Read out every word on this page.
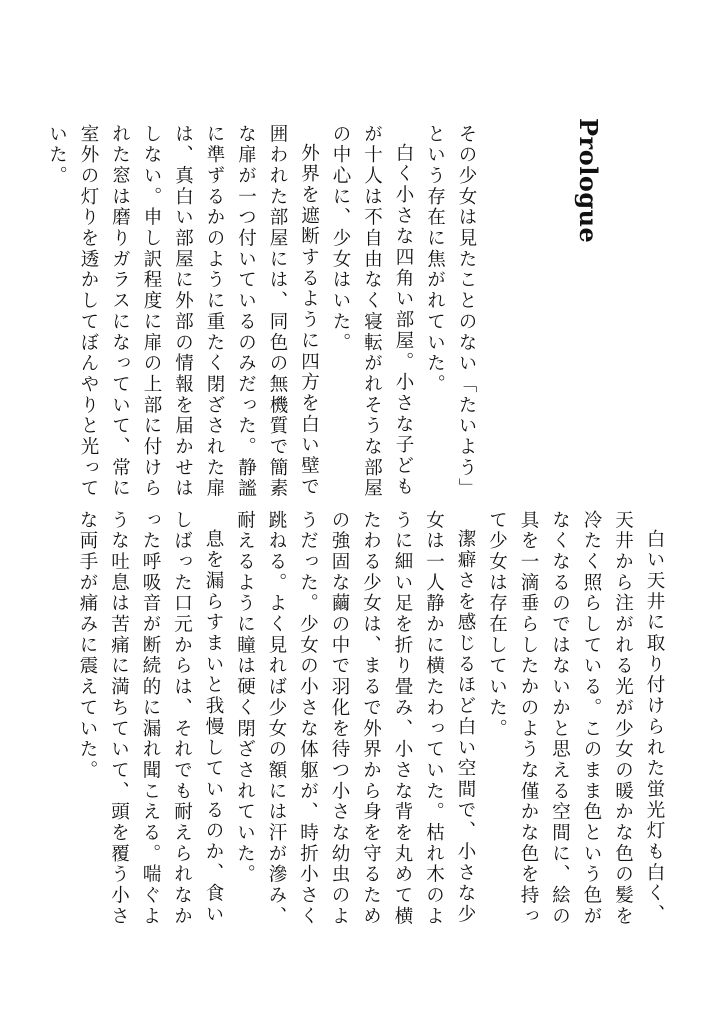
Prologue

その少女は見たことのない「たいよう」という存在に焦がれていた。

白く小さな四角い部屋。小さな子どもが十人は不自由なく寝転がれそうな部屋の中心に、少女はいた。

外界を遮断するように四方を白い壁で囲われた部屋には、同色の無機質で簡素な扉が一つ付いているのみだった。静謐に準ずるかのように重たく閉ざされた扉は、真白い部屋に外部の情報を届かせはしない。申し訳程度に扉の上部に付けられた窓は磨りガラスになっていて、常に室外の灯りを透かしてぼんやりと光っていた。

白い天井に取り付けられた蛍光灯も白く、天井から注がれる光が少女の暖かな色の髪を冷たく照らしている。このまま色という色がなくなるのではないかと思える空間に、絵の具を一滴垂らしたかのような僅かな色を持って少女は存在していた。

潔癖さを感じるほど白い空間で、小さな少女は一人静かに横たわっていた。枯れ木のように細い足を折り畳み、小さな背を丸めて横たわる少女は、まるで外界から身を守るための強固な繭の中で羽化を待つ小さな幼虫のようだった。少女の小さな体躯が、時折小さく跳ねる。よく見れば少女の額には汗が滲み、耐えるように瞳は硬く閉ざされていた。

息を漏らすまいと我慢しているのか、食いしばった口元からは、それでも耐えられなかった呼吸音が断続的に漏れ聞こえる。喘ぐような吐息は苦痛に満ちていて、頭を覆う小さな両手が痛みに震えていた。
